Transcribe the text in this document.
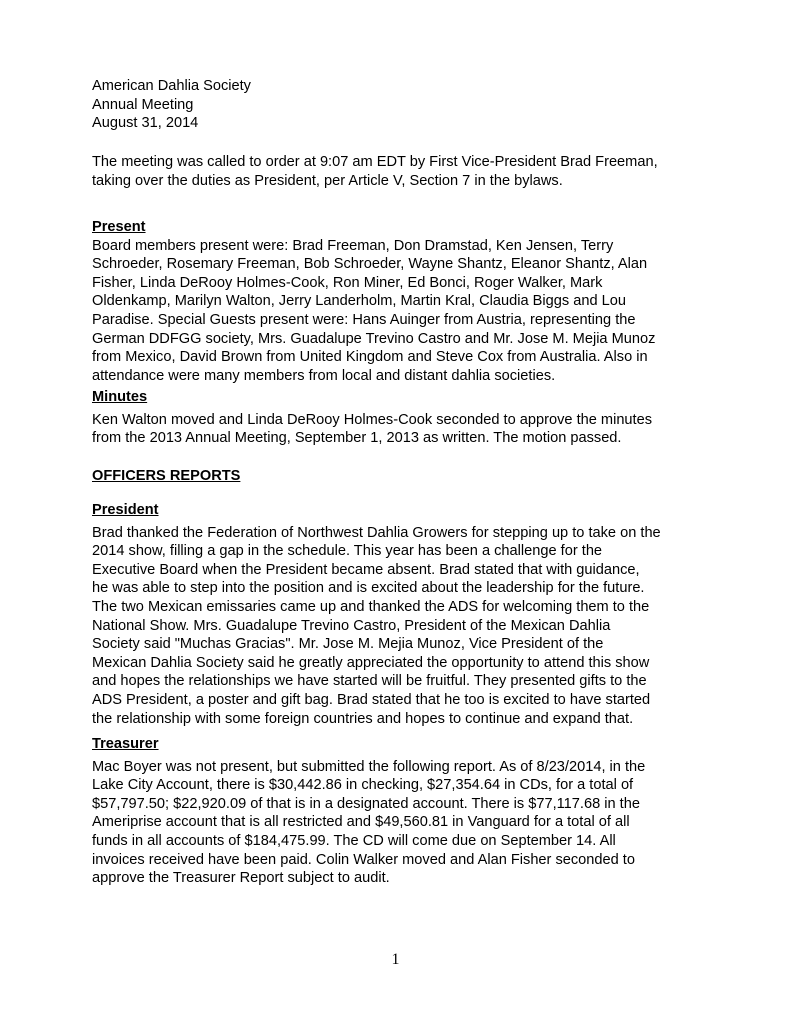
American Dahlia Society
Annual Meeting
August 31, 2014
The meeting was called to order at 9:07 am EDT by First Vice-President Brad Freeman,
taking over the duties as President, per Article V, Section 7 in the bylaws.
Present
Board members present were: Brad Freeman, Don Dramstad, Ken Jensen, Terry
Schroeder, Rosemary Freeman, Bob Schroeder, Wayne Shantz, Eleanor Shantz, Alan
Fisher, Linda DeRooy Holmes-Cook, Ron Miner, Ed Bonci, Roger Walker, Mark
Oldenkamp, Marilyn Walton, Jerry Landerholm, Martin Kral, Claudia Biggs and Lou
Paradise. Special Guests present were: Hans Auinger from Austria, representing the
German DDFGG society, Mrs. Guadalupe Trevino Castro and Mr. Jose M. Mejia Munoz
from Mexico, David Brown from United Kingdom and Steve Cox from Australia. Also in
attendance were many members from local and distant dahlia societies.
Minutes
Ken Walton moved and Linda DeRooy Holmes-Cook seconded to approve the minutes
from the 2013 Annual Meeting, September 1, 2013 as written. The motion passed.
OFFICERS REPORTS
President
Brad thanked the Federation of Northwest Dahlia Growers for stepping up to take on the
2014 show, filling a gap in the schedule. This year has been a challenge for the
Executive Board when the President became absent. Brad stated that with guidance,
he was able to step into the position and is excited about the leadership for the future.
The two Mexican emissaries came up and thanked the ADS for welcoming them to the
National Show. Mrs. Guadalupe Trevino Castro, President of the Mexican Dahlia
Society said "Muchas Gracias". Mr. Jose M. Mejia Munoz, Vice President of the
Mexican Dahlia Society said he greatly appreciated the opportunity to attend this show
and hopes the relationships we have started will be fruitful. They presented gifts to the
ADS President, a poster and gift bag. Brad stated that he too is excited to have started
the relationship with some foreign countries and hopes to continue and expand that.
Treasurer
Mac Boyer was not present, but submitted the following report. As of 8/23/2014, in the
Lake City Account, there is $30,442.86 in checking, $27,354.64 in CDs, for a total of
$57,797.50; $22,920.09 of that is in a designated account. There is $77,117.68 in the
Ameriprise account that is all restricted and $49,560.81 in Vanguard for a total of all
funds in all accounts of $184,475.99. The CD will come due on September 14. All
invoices received have been paid. Colin Walker moved and Alan Fisher seconded to
approve the Treasurer Report subject to audit.
1
